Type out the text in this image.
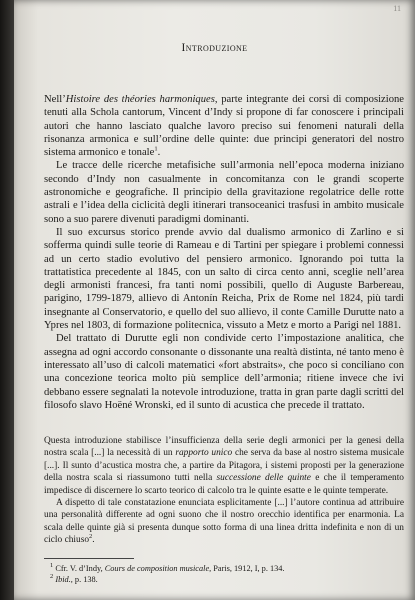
11
Introduzione

Nell’Histoire des théories harmoniques, parte integrante dei corsi di composizione tenuti alla Schola cantorum, Vincent d’Indy si propone di far conoscere i principali autori che hanno lasciato qualche lavoro preciso sui fenomeni naturali della risonanza armonica e sull’ordine delle quinte: due principi generatori del nostro sistema armonico e tonale$^1$.

Le tracce delle ricerche metafisiche sull’armonia nell’epoca moderna iniziano secondo d’Indy non casualmente in concomitanza con le grandi scoperte astronomiche e geografiche. Il principio della gravitazione regolatrice delle rotte astrali e l’idea della ciclicità degli itinerari transoceanici trasfusi in ambito musicale sono a suo parere divenuti paradigmi dominanti.

Il suo excursus storico prende avvio dal dualismo armonico di Zarlino e si sofferma quindi sulle teorie di Rameau e di Tartini per spiegare i problemi connessi ad un certo stadio evolutivo del pensiero armonico. Ignorando poi tutta la trattatistica precedente al 1845, con un salto di circa cento anni, sceglie nell’area degli armonisti francesi, fra tanti nomi possibili, quello di Auguste Barbereau, parigino, 1799-1879, allievo di Antonín Reicha, Prix de Rome nel 1824, più tardi insegnante al Conservatorio, e quello del suo allievo, il conte Camille Durutte nato a Ypres nel 1803, di formazione politecnica, vissuto a Metz e morto a Parigi nel 1881.

Del trattato di Durutte egli non condivide certo l’impostazione analitica, che assegna ad ogni accordo consonante o dissonante una realtà distinta, né tanto meno è interessato all’uso di calcoli matematici «fort abstraits», che poco si conciliano con una concezione teorica molto più semplice dell’armonia; ritiene invece che ivi debbano essere segnalati la notevole introduzione, tratta in gran parte dagli scritti del filosofo slavo Hoëné Wronski, ed il sunto di acustica che precede il trattato.

Questa introduzione stabilisce l’insufficienza della serie degli armonici per la genesi della nostra scala [...] la necessità di un rapporto unico che serva da base al nostro sistema musicale [...]. Il sunto d’acustica mostra che, a partire da Pitagora, i sistemi proposti per la generazione della nostra scala si riassumono tutti nella successione delle quinte e che il temperamento impedisce di discernere lo scarto teorico di calcolo tra le quinte esatte e le quinte temperate.

A dispetto di tale constatazione enunciata esplicitamente [...] l’autore continua ad attribuire una personalità differente ad ogni suono che il nostro orecchio identifica per enarmonia. La scala delle quinte già si presenta dunque sotto forma di una linea dritta indefinita e non di un ciclo chiuso$^2$.

$^1$ Cfr. V. d’Indy, Cours de composition musicale, Paris, 1912, I, p. 134.
$^2$ Ibid., p. 138.
